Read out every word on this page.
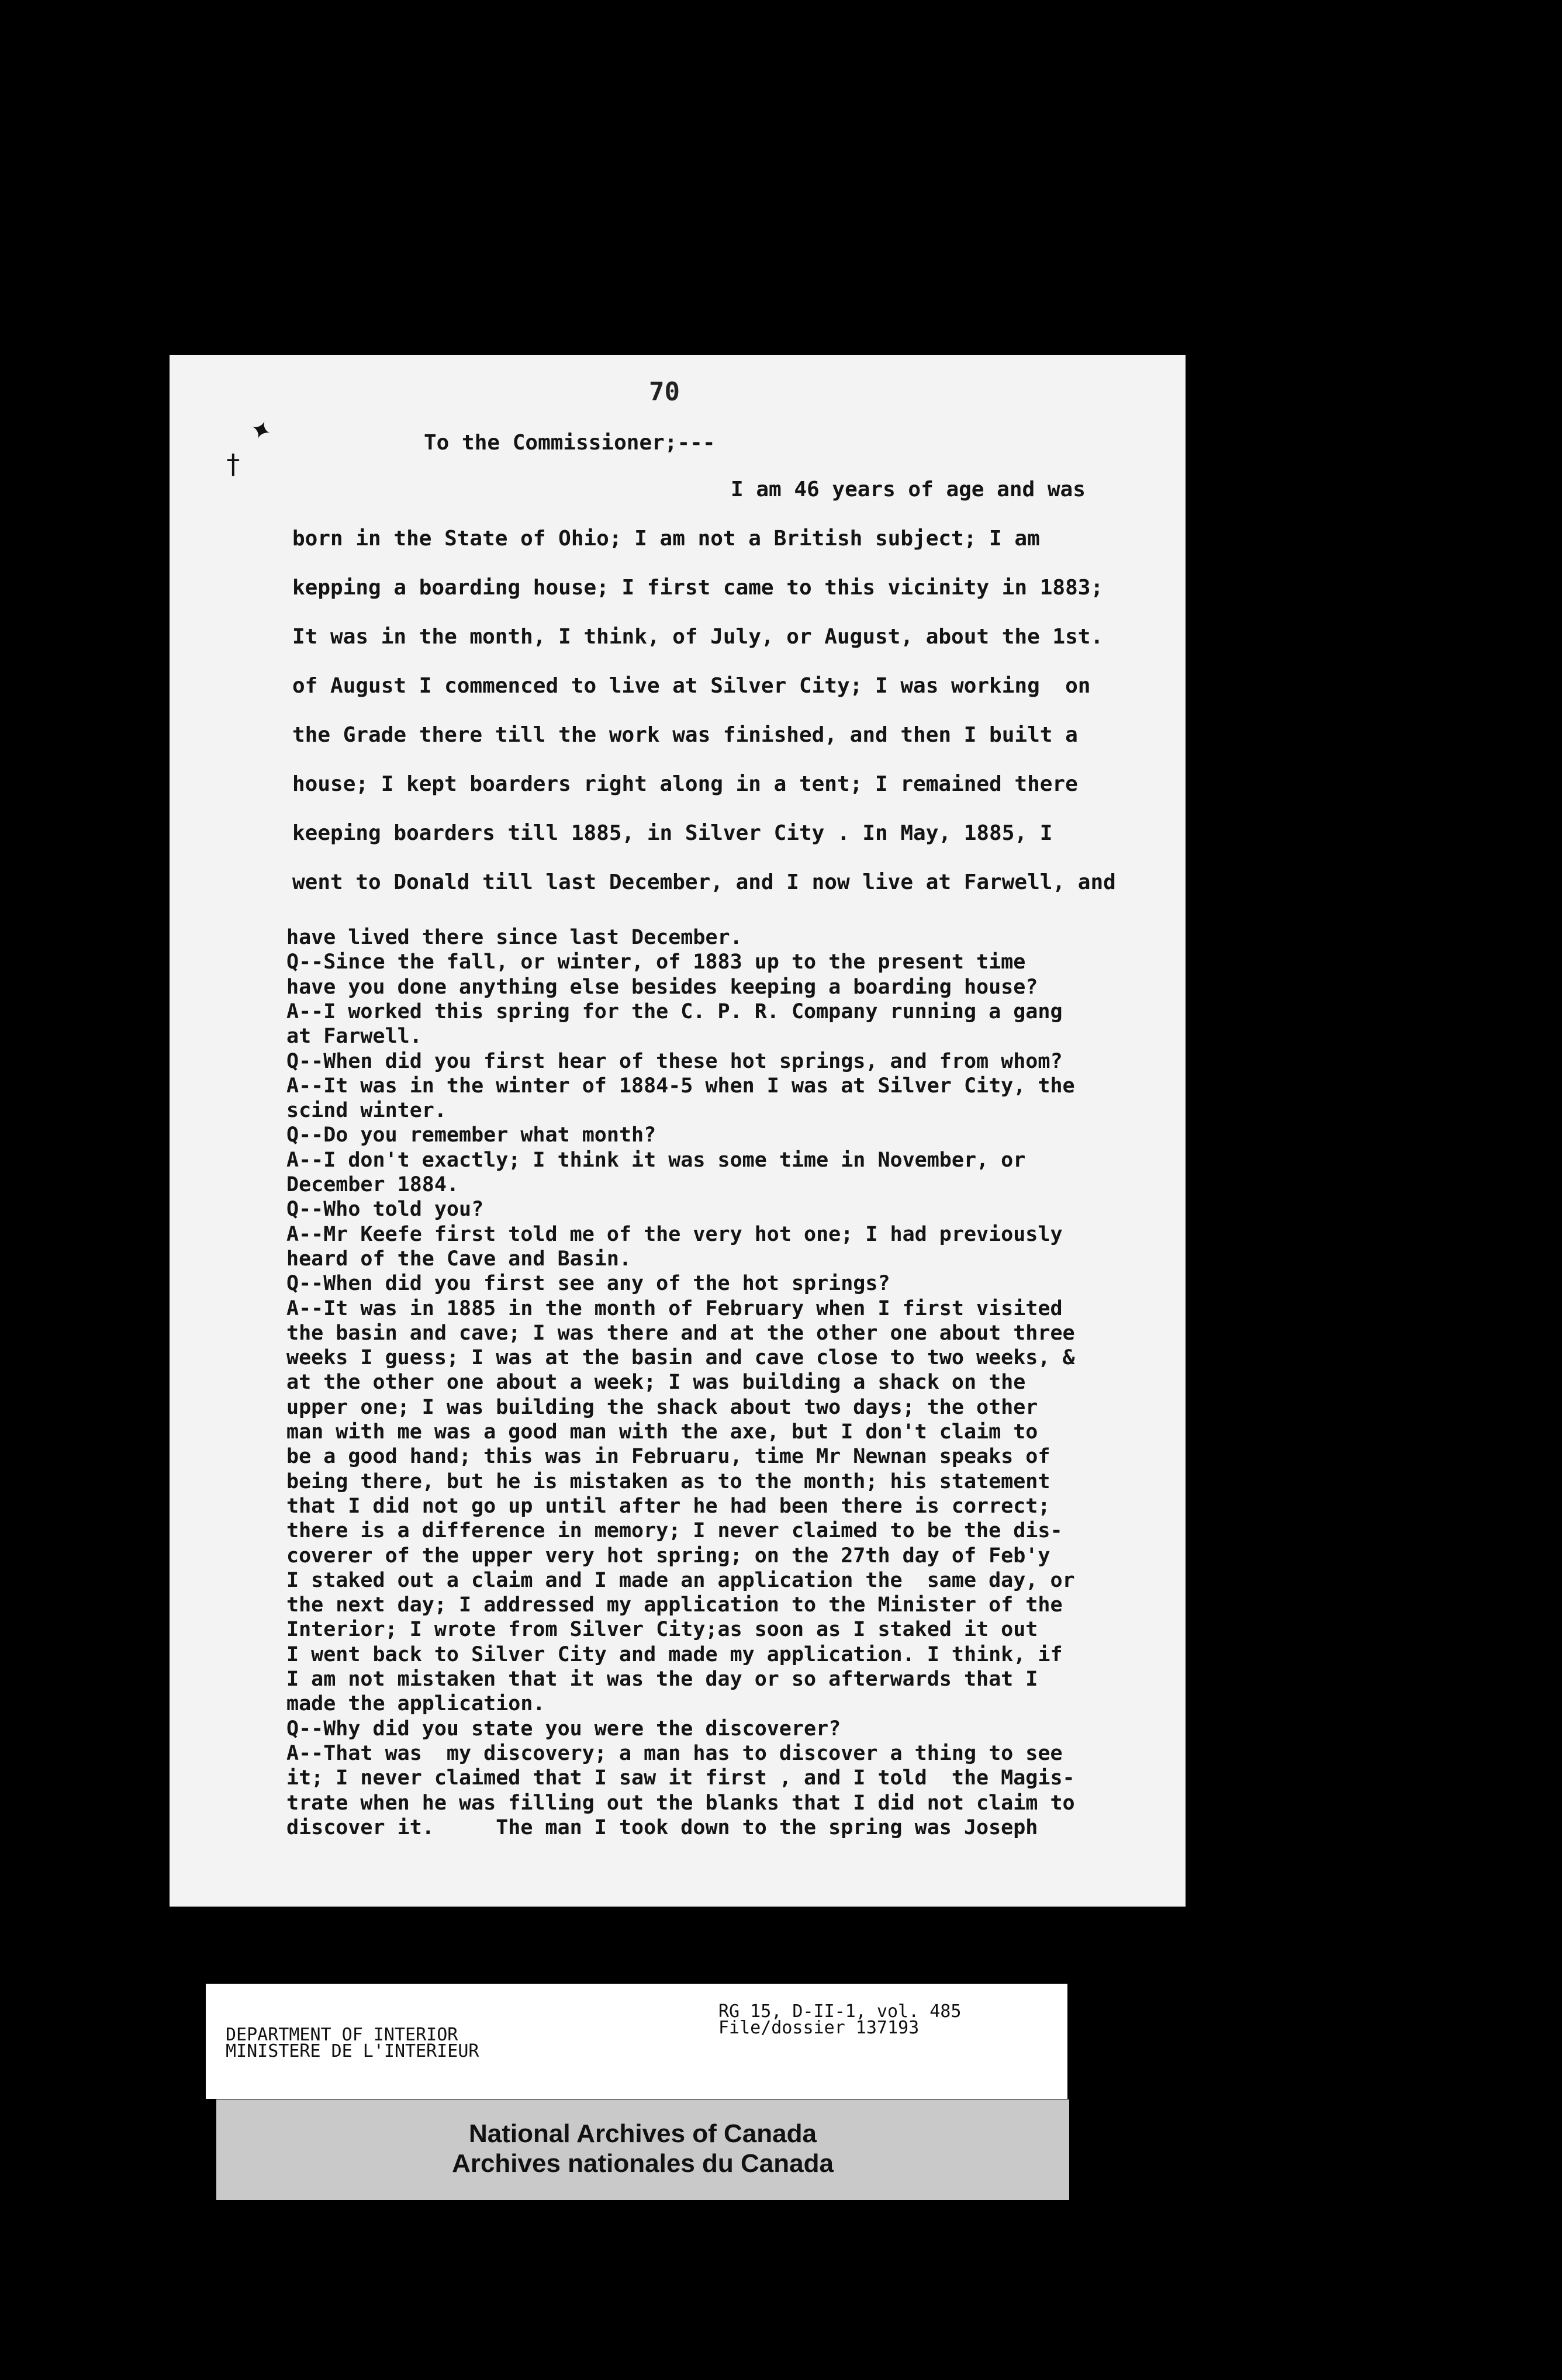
✦
†
70
To the Commissioner;---
I am 46 years of age and was
born in the State of Ohio; I am not a British subject; I am
kepping a boarding house; I first came to this vicinity in 1883;
It was in the month, I think, of July, or August, about the 1st.
of August I commenced to live at Silver City; I was working  on
the Grade there till the work was finished, and then I built a
house; I kept boarders right along in a tent; I remained there
keeping boarders till 1885, in Silver City . In May, 1885, I
went to Donald till last December, and I now live at Farwell, and
have lived there since last December.
Q--Since the fall, or winter, of 1883 up to the present time
have you done anything else besides keeping a boarding house?
A--I worked this spring for the C. P. R. Company running a gang
at Farwell.
Q--When did you first hear of these hot springs, and from whom?
A--It was in the winter of 1884-5 when I was at Silver City, the
scind winter.
Q--Do you remember what month?
A--I don't exactly; I think it was some time in November, or
December 1884.
Q--Who told you?
A--Mr Keefe first told me of the very hot one; I had previously
heard of the Cave and Basin.
Q--When did you first see any of the hot springs?
A--It was in 1885 in the month of February when I first visited
the basin and cave; I was there and at the other one about three
weeks I guess; I was at the basin and cave close to two weeks, &
at the other one about a week; I was building a shack on the
upper one; I was building the shack about two days; the other
man with me was a good man with the axe, but I don't claim to
be a good hand; this was in Februaru, time Mr Newnan speaks of
being there, but he is mistaken as to the month; his statement
that I did not go up until after he had been there is correct;
there is a difference in memory; I never claimed to be the dis-
coverer of the upper very hot spring; on the 27th day of Feb'y
I staked out a claim and I made an application the  same day, or
the next day; I addressed my application to the Minister of the
Interior; I wrote from Silver City;as soon as I staked it out
I went back to Silver City and made my application. I think, if
I am not mistaken that it was the day or so afterwards that I
made the application.
Q--Why did you state you were the discoverer?
A--That was  my discovery; a man has to discover a thing to see
it; I never claimed that I saw it first , and I told  the Magis-
trate when he was filling out the blanks that I did not claim to
discover it.     The man I took down to the spring was Joseph
DEPARTMENT OF INTERIOR
MINISTERE DE L'INTERIEUR
RG 15, D-II-1, vol. 485
File/dossier 137193
National Archives of Canada
Archives nationales du Canada
